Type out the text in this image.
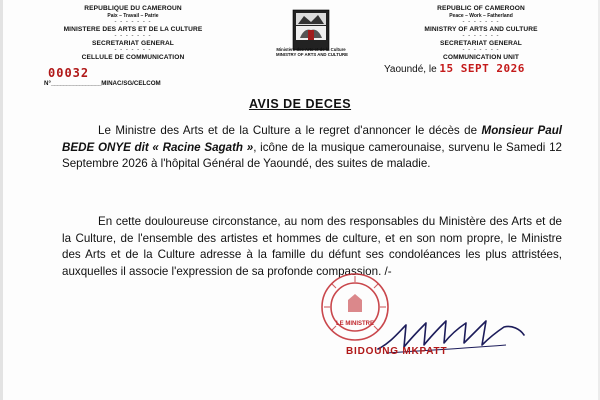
REPUBLIQUE DU CAMEROUN
Paix – Travail – Patrie
- - - - - - -
MINISTERE DES ARTS ET DE LA CULTURE
- - - - - - -
SECRETARIAT GENERAL
- - - - - - -
CELLULE DE COMMUNICATION
Ministère des Arts et de la Culture
MINISTRY OF ARTS AND CULTURE
REPUBLIC OF CAMEROON
Peace – Work – Fatherland
- - - - - - -
MINISTRY OF ARTS AND CULTURE
- - - - - - -
SECRETARIAT GENERAL
- - - - - - -
COMMUNICATION UNIT
00032
N°________________MINAC/SG/CELCOM
Yaoundé, le 15 SEPT 2026
AVIS DE DECES
Le Ministre des Arts et de la Culture a le regret d'annoncer le décès de Monsieur Paul BEDE ONYE dit « Racine Sagath », icône de la musique camerounaise, survenu le Samedi 12 Septembre 2026 à l'hôpital Général de Yaoundé, des suites de maladie.
En cette douloureuse circonstance, au nom des responsables du Ministère des Arts et de la Culture, de l'ensemble des artistes et hommes de culture, et en son nom propre, le Ministre des Arts et de la Culture adresse à la famille du défunt ses condoléances les plus attristées, auxquelles il associe l'expression de sa profonde compassion. /-
LE MINISTRE
BIDOUNG MKPATT
